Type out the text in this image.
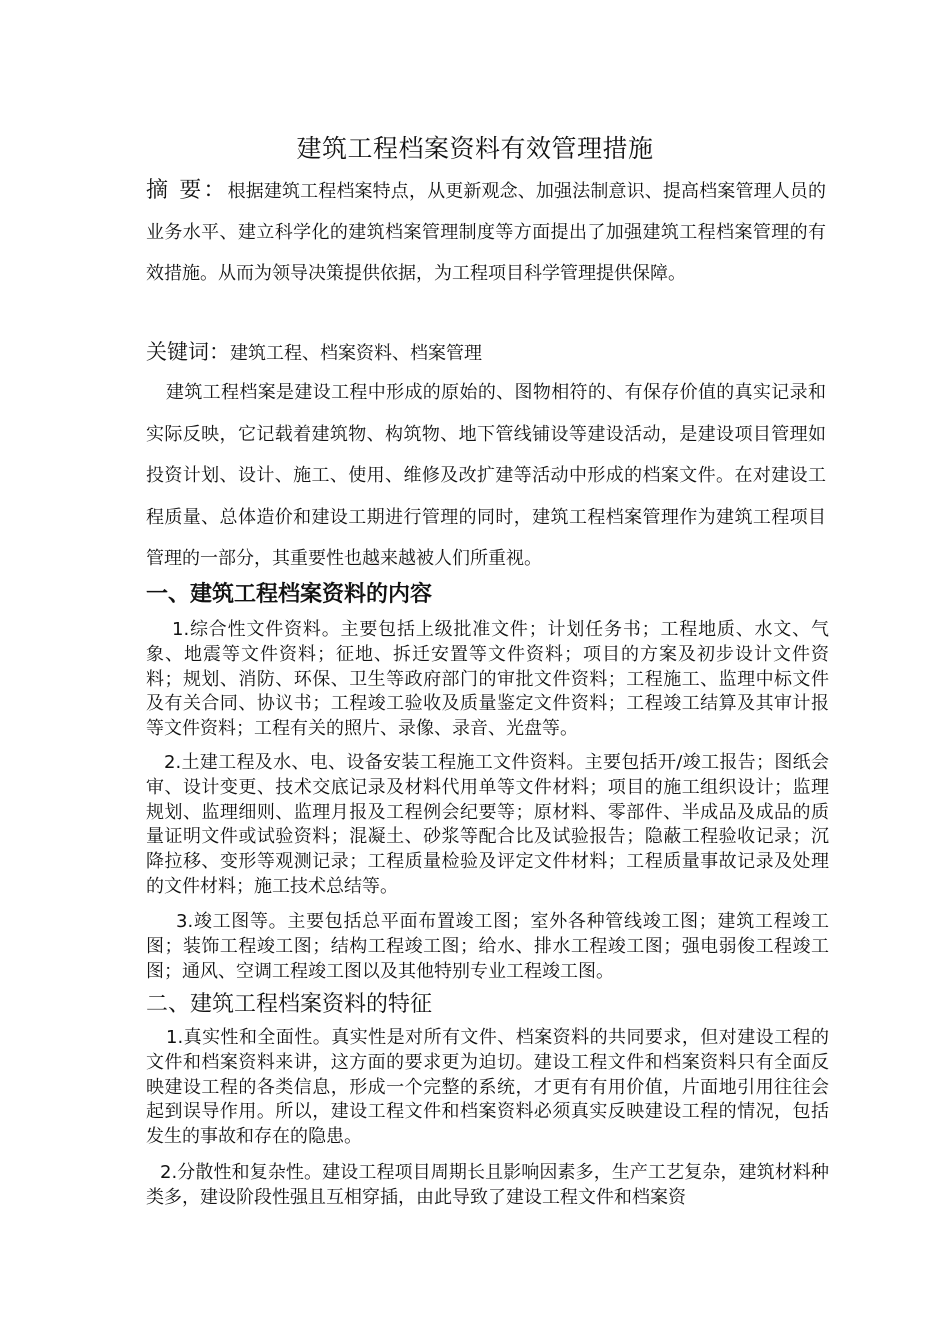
建筑工程档案资料有效管理措施
摘 要：根据建筑工程档案特点，从更新观念、加强法制意识、提高档案管理人员的业务水平、建立科学化的建筑档案管理制度等方面提出了加强建筑工程档案管理的有效措施。从而为领导决策提供依据，为工程项目科学管理提供保障。
关键词：建筑工程、档案资料、档案管理
建筑工程档案是建设工程中形成的原始的、图物相符的、有保存价值的真实记录和实际反映，它记载着建筑物、构筑物、地下管线铺设等建设活动，是建设项目管理如投资计划、设计、施工、使用、维修及改扩建等活动中形成的档案文件。在对建设工程质量、总体造价和建设工期进行管理的同时，建筑工程档案管理作为建筑工程项目管理的一部分，其重要性也越来越被人们所重视。
一、建筑工程档案资料的内容
1.综合性文件资料。主要包括上级批准文件；计划任务书；工程地质、水文、气象、地震等文件资料；征地、拆迁安置等文件资料；项目的方案及初步设计文件资料；规划、消防、环保、卫生等政府部门的审批文件资料；工程施工、监理中标文件及有关合同、协议书；工程竣工验收及质量鉴定文件资料；工程竣工结算及其审计报等文件资料；工程有关的照片、录像、录音、光盘等。
2.土建工程及水、电、设备安装工程施工文件资料。主要包括开/竣工报告；图纸会审、设计变更、技术交底记录及材料代用单等文件材料；项目的施工组织设计；监理规划、监理细则、监理月报及工程例会纪要等；原材料、零部件、半成品及成品的质量证明文件或试验资料；混凝土、砂浆等配合比及试验报告；隐蔽工程验收记录；沉降拉移、变形等观测记录；工程质量检验及评定文件材料；工程质量事故记录及处理的文件材料；施工技术总结等。
3.竣工图等。主要包括总平面布置竣工图；室外各种管线竣工图；建筑工程竣工图；装饰工程竣工图；结构工程竣工图；给水、排水工程竣工图；强电弱俊工程竣工图；通风、空调工程竣工图以及其他特别专业工程竣工图。
二、建筑工程档案资料的特征
1.真实性和全面性。真实性是对所有文件、档案资料的共同要求，但对建设工程的文件和档案资料来讲，这方面的要求更为迫切。建设工程文件和档案资料只有全面反映建设工程的各类信息，形成一个完整的系统，才更有有用价值，片面地引用往往会起到误导作用。所以，建设工程文件和档案资料必须真实反映建设工程的情况，包括发生的事故和存在的隐患。
2.分散性和复杂性。建设工程项目周期长且影响因素多，生产工艺复杂，建筑材料种类多，建设阶段性强且互相穿插，由此导致了建设工程文件和档案资
